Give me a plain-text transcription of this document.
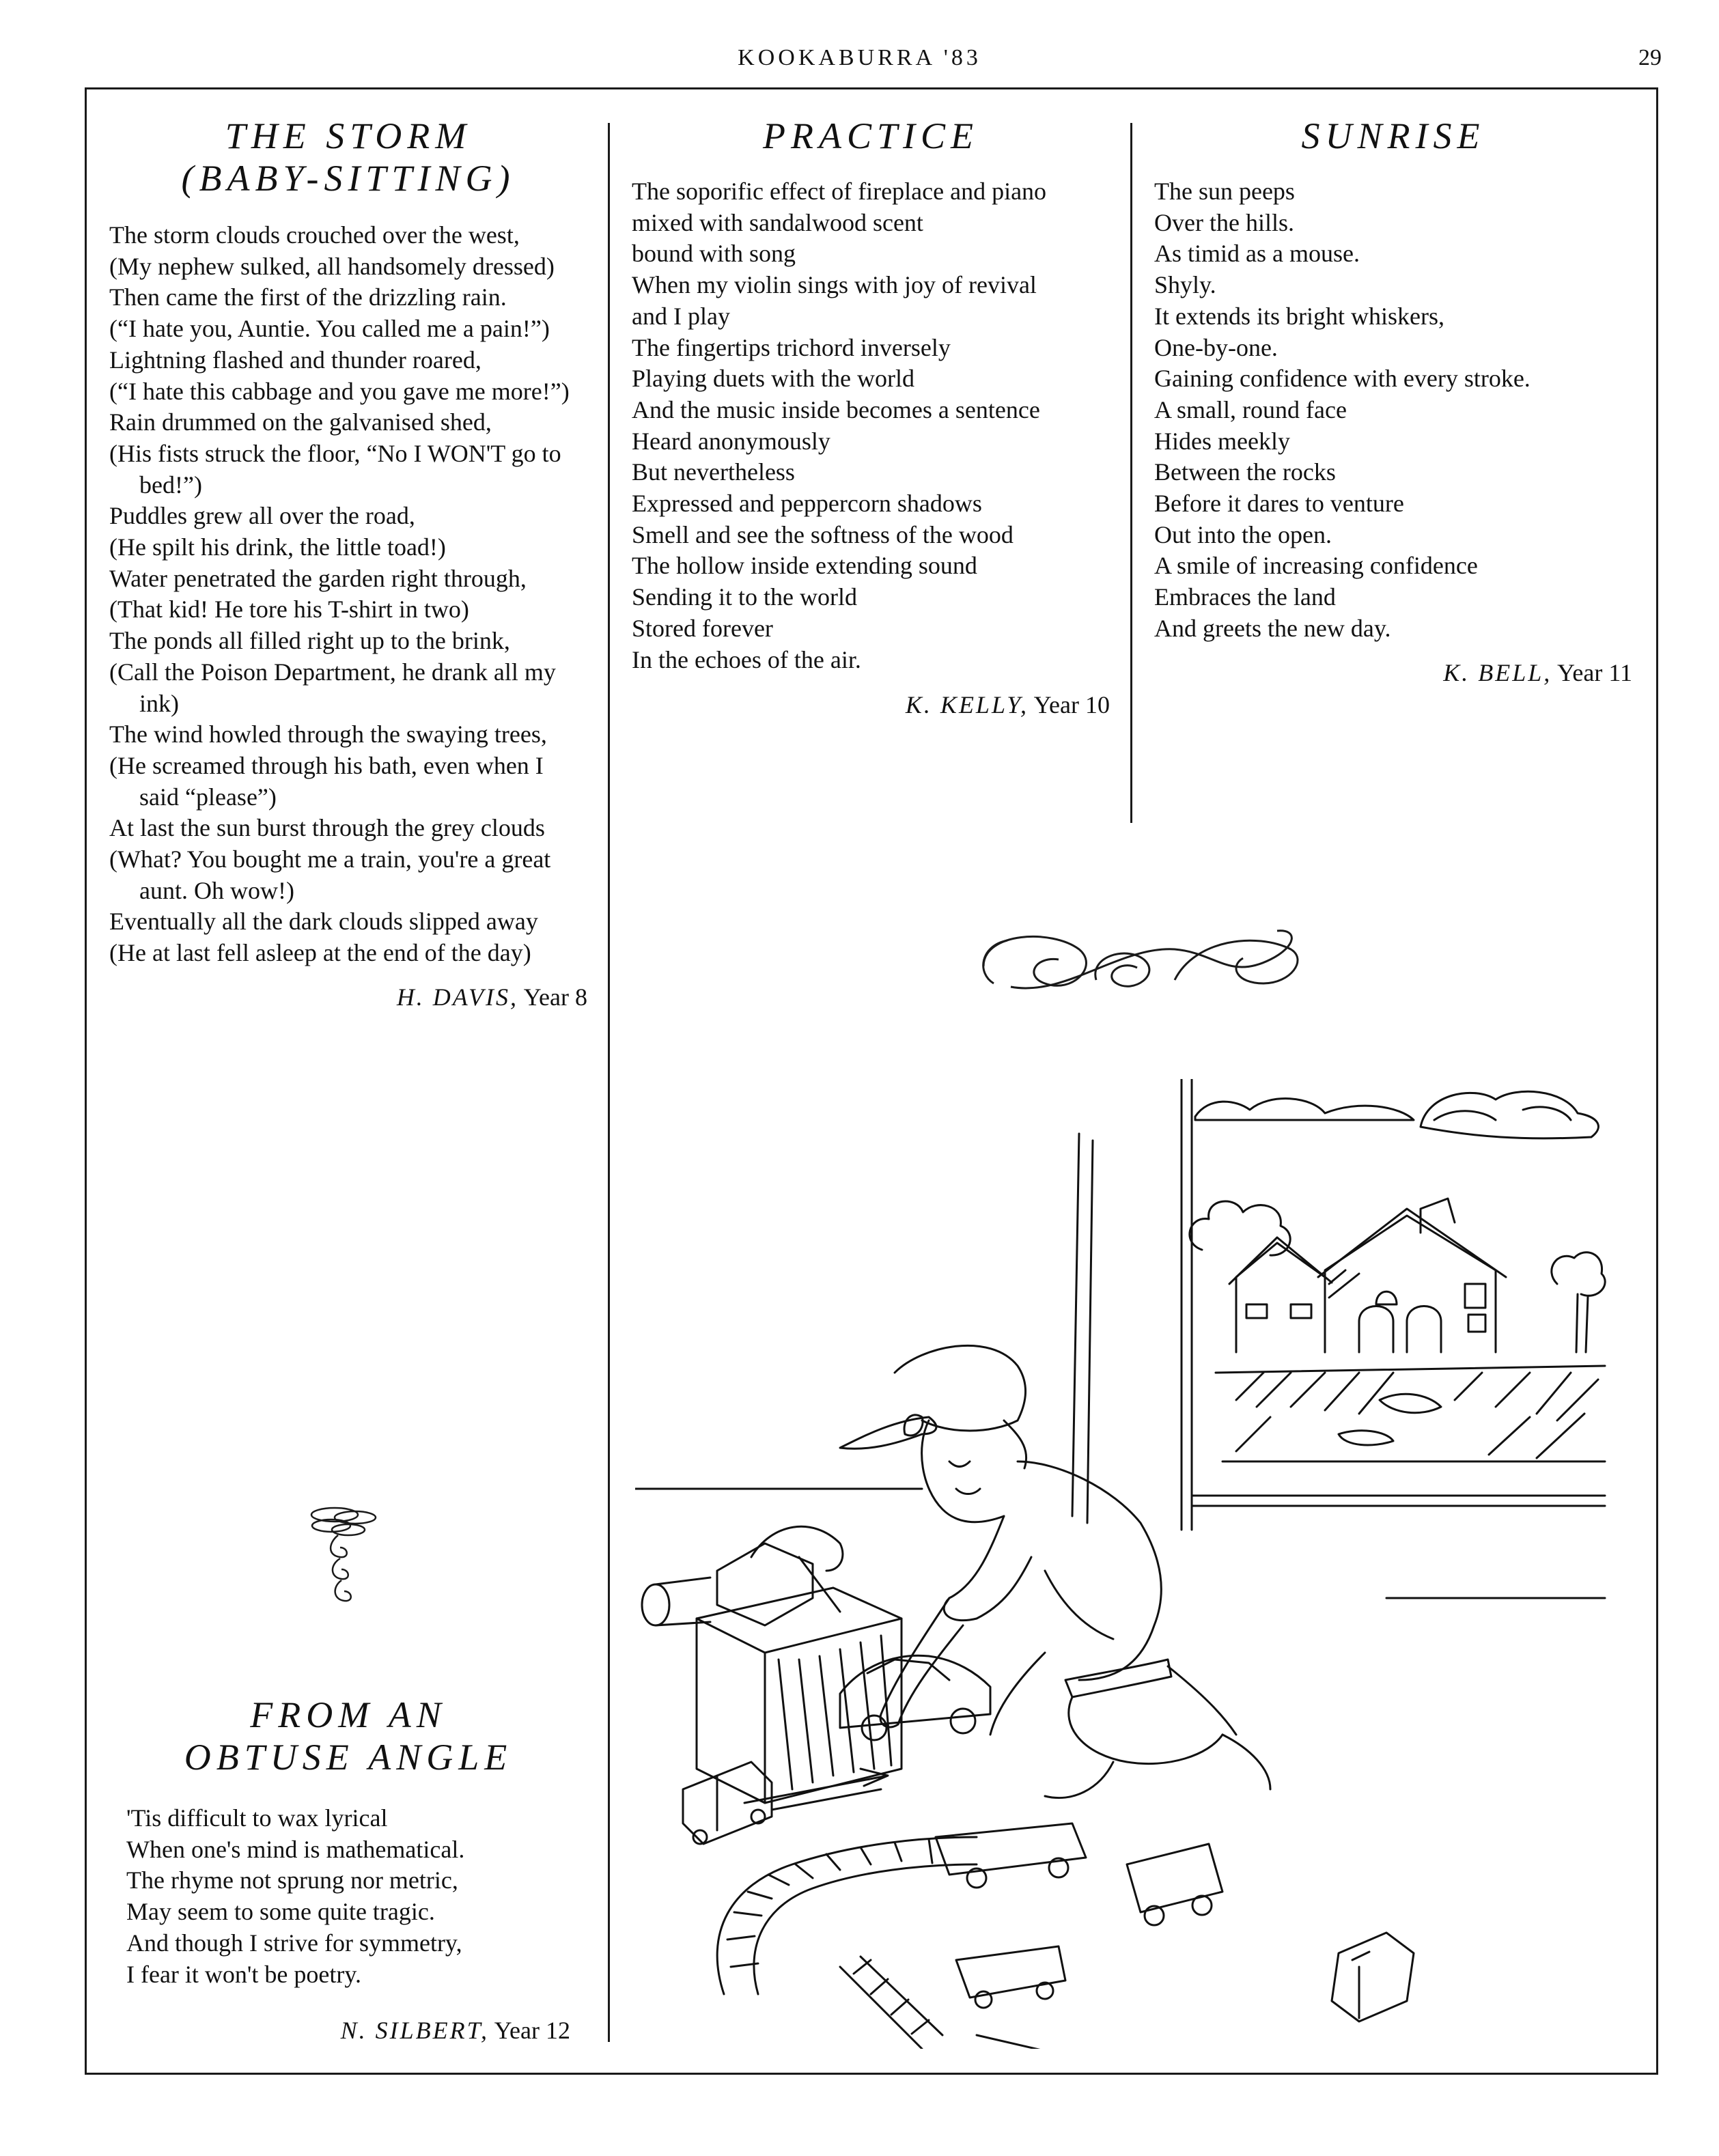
KOOKABURRA '83	29
THE STORM
(BABY-SITTING)
The storm clouds crouched over the west,
(My nephew sulked, all handsomely dressed)
Then came the first of the drizzling rain.
(“I hate you, Auntie. You called me a pain!”)
Lightning flashed and thunder roared,
(“I hate this cabbage and you gave me more!”)
Rain drummed on the galvanised shed,
(His fists struck the floor, “No I WON'T go to bed!”)
Puddles grew all over the road,
(He spilt his drink, the little toad!)
Water penetrated the garden right through,
(That kid! He tore his T-shirt in two)
The ponds all filled right up to the brink,
(Call the Poison Department, he drank all my ink)
The wind howled through the swaying trees,
(He screamed through his bath, even when I said “please”)
At last the sun burst through the grey clouds
(What? You bought me a train, you're a great aunt. Oh wow!)
Eventually all the dark clouds slipped away
(He at last fell asleep at the end of the day)
H. DAVIS, Year 8
PRACTICE
The soporific effect of fireplace and piano
mixed with sandalwood scent
bound with song
When my violin sings with joy of revival
and I play
The fingertips trichord inversely
Playing duets with the world
And the music inside becomes a sentence
Heard anonymously
But nevertheless
Expressed and peppercorn shadows
Smell and see the softness of the wood
The hollow inside extending sound
Sending it to the world
Stored forever
In the echoes of the air.
K. KELLY, Year 10
SUNRISE
The sun peeps
Over the hills.
As timid as a mouse.
Shyly.
It extends its bright whiskers,
One-by-one.
Gaining confidence with every stroke.
A small, round face
Hides meekly
Between the rocks
Before it dares to venture
Out into the open.
A smile of increasing confidence
Embraces the land
And greets the new day.
K. BELL, Year 11
FROM AN
OBTUSE ANGLE
'Tis difficult to wax lyrical
When one's mind is mathematical.
The rhyme not sprung nor metric,
May seem to some quite tragic.
And though I strive for symmetry,
I fear it won't be poetry.
N. SILBERT, Year 12
